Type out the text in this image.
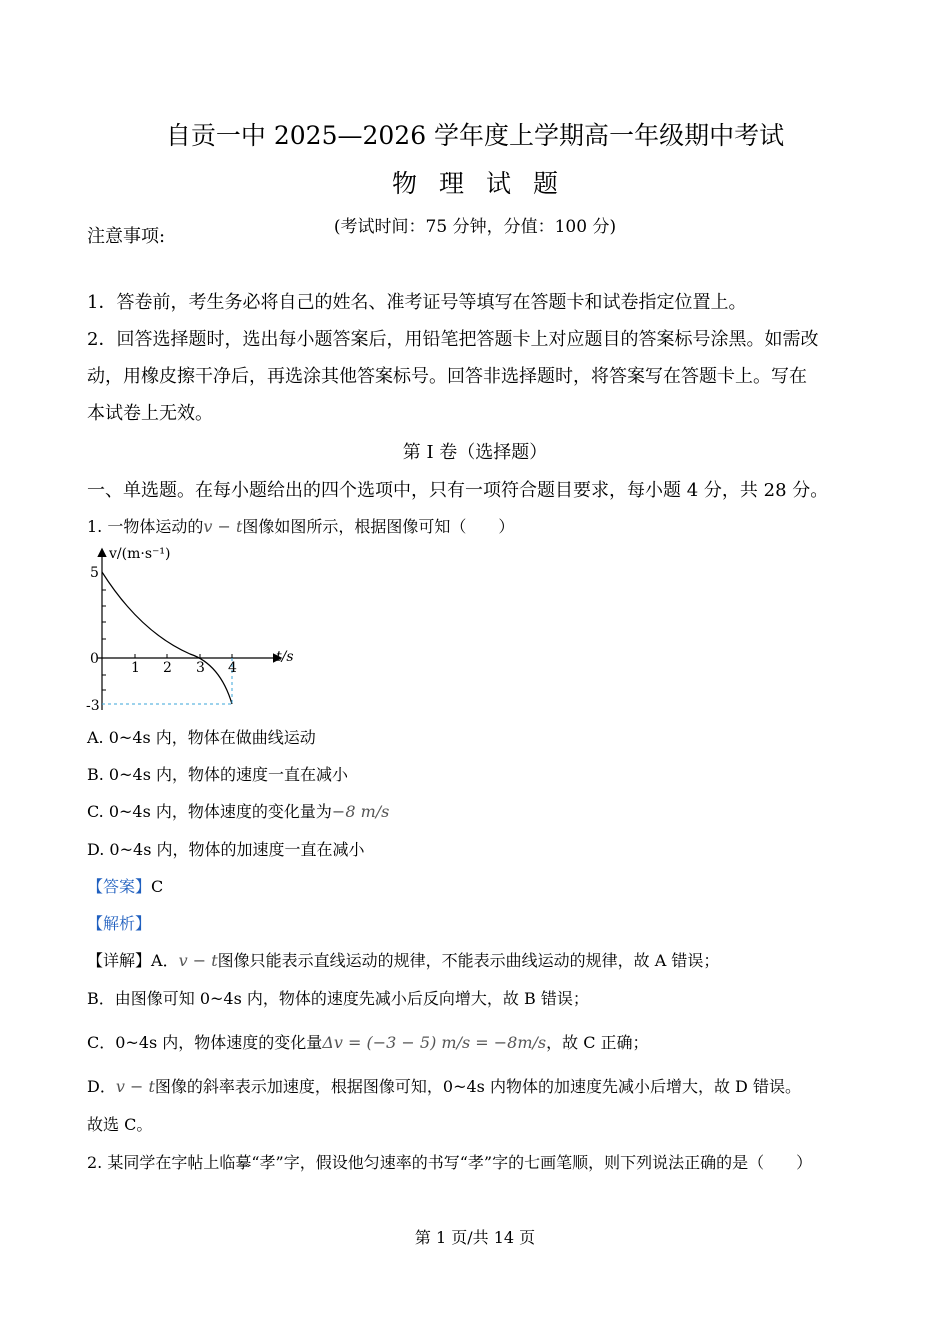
自贡一中 2025—2026 学年度上学期高一年级期中考试
物理试题
(考试时间：75 分钟，分值：100 分)
注意事项:
1．答卷前，考生务必将自己的姓名、准考证号等填写在答题卡和试卷指定位置上。
2．回答选择题时，选出每小题答案后，用铅笔把答题卡上对应题目的答案标号涂黑。如需改
动，用橡皮擦干净后，再选涂其他答案标号。回答非选择题时，将答案写在答题卡上。写在
本试卷上无效。
第 I 卷（选择题）
一、单选题。在每小题给出的四个选项中，只有一项符合题目要求，每小题 4 分，共 28 分。
1. 一物体运动的v − t图像如图所示，根据图像可知（　　）
v/(m·s⁻¹)
t/s
5
0
-3
1 2 3 4
A. 0~4s 内，物体在做曲线运动
B. 0~4s 内，物体的速度一直在减小
C. 0~4s 内，物体速度的变化量为−8 m/s
D. 0~4s 内，物体的加速度一直在减小
【答案】C
【解析】
【详解】A．v − t图像只能表示直线运动的规律，不能表示曲线运动的规律，故 A 错误；
B．由图像可知 0~4s 内，物体的速度先减小后反向增大，故 B 错误；
C．0~4s 内，物体速度的变化量Δv = (−3 − 5) m/s = −8m/s，故 C 正确；
D．v − t图像的斜率表示加速度，根据图像可知，0~4s 内物体的加速度先减小后增大，故 D 错误。
故选 C。
2. 某同学在字帖上临摹“孝”字，假设他匀速率的书写“孝”字的七画笔顺，则下列说法正确的是（　　）
第 1 页/共 14 页
